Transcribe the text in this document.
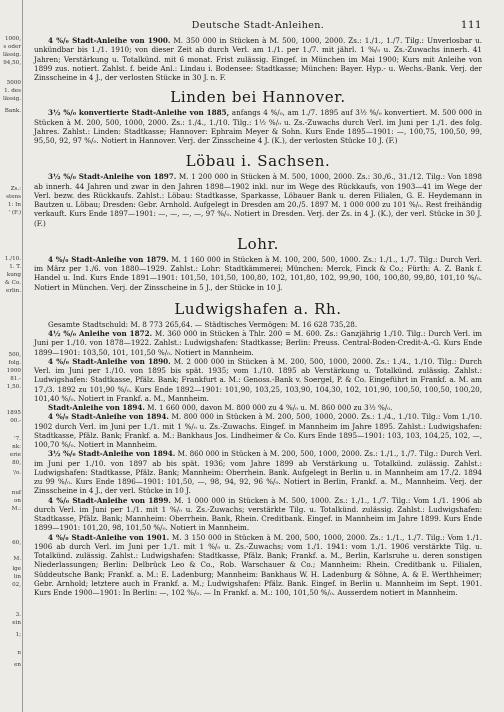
1000,
s oder
lässig.
94,50,
5000
1. des
lässig.
Bank.
Zs.:
stens
1: In
' (F.)
1./10.
1. T.
kung
& Co.
erlin.
500,
folg.
1900
81.-
1,50.
1895
00.-
'7.
nk:
erie
80,
'/o.
nuf
on
M.:
60,
M.
lge
lin
02,
3.
ein
1;
n
en
Deutsche Stadt-Anleihen.	111

4 %/₀ Stadt-Anleihe von 1900. M. 350 000 in Stücken à M. 500, 1000, 2000. Zs.: 1./1., 1./7. Tilg.: Unverlosbar u. unkündbar bis 1./1. 1910; von dieser Zeit ab durch Verl. am 1./1. per 1./7. mit jährl. 1 %/₀ u. Zs.-Zuwachs innerh. 41 Jahren; Verstärkung u. Totalkünd. mit 6 monat. Frist zulässig. Eingef. in München im Mai 1900; Kurs mit Anleihe von 1899 zus. notiert. Zahlst. f. beide Anl.: Lindau i. Bodensee: Stadtkasse; München: Bayer. Hyp.- u. Wechs.-Bank. Verj. der Zinsscheine in 4 J., der verlosten Stücke in 30 J. n. F.

Linden bei Hannover.

3½ %/₀ konvertierte Stadt-Anleihe von 1885, anfangs 4 %/₀, am 1./7. 1895 auf 3½ %/₀ konvertiert. M. 500 000 in Stücken à M. 200, 500, 1000, 2000. Zs.: 1./4., 1./10. Tilg.: 1½ %/₀ u. Zs.-Zuwachs durch Verl. im Juni per 1./1. des folg. Jahres. Zahlst.: Linden: Stadtkasse; Hannover: Ephraim Meyer & Sohn. Kurs Ende 1895—1901: —, 100,75, 100,50, 99, 95,50, 92, 97 %/₀. Notiert in Hannover. Verj. der Zinsscheine 4 J. (K.), der verlosten Stücke 10 J. (F.)

Löbau i. Sachsen.

3½ %/₀ Stadt-Anleihe von 1897. M. 1 200 000 in Stücken à M. 500, 1000, 2000. Zs.: 30./6., 31./12. Tilg.: Von 1898 ab innerh. 44 Jahren und zwar in den Jahren 1898—1902 inkl. nur im Wege des Rückkaufs, von 1903—41 im Wege der Verl. bezw. des Rückkaufs. Zahlst.: Löbau: Stadtkasse, Sparkasse, Löbauer Bank u. deren Filialen, G. E. Heydemann in Bautzen u. Löbau; Dresden: Gebr. Arnhold. Aufgelegt in Dresden am 20./5. 1897 M. 1 000 000 zu 101 %/₀. Rest freihändig verkauft. Kurs Ende 1897—1901: —, —, —, —, 97 %/₀. Notiert in Dresden. Verj. der Zs. in 4 J. (K.), der verl. Stücke in 30 J. (F.)

Lohr.

4 %/₀ Stadt-Anleihe von 1879. M. 1 160 000 in Stücken à M. 100, 200, 500, 1000. Zs.: 1./1., 1./7. Tilg.: Durch Verl. im März per 1./6. von 1880—1929. Zahlst.: Lohr: Stadtkämmerei; München: Merck, Finck & Co.; Fürth: A. Z. Bank f. Handel u. Ind. Kurs Ende 1891—1901: 101,50, 101,50, 100,80, 102, 101,80, 102, 99,90, 100, 100,80, 99,80, 101,10 %/₀. Notiert in München. Verj. der Zinsscheine in 5 J., der Stücke in 10 J.

Ludwigshafen a. Rh.

Gesamte Stadtschuld: M. 8 773 265,64. — Städtisches Vermögen: M. 16 628 735,28.

4½ %/₀ Anleihe von 1872. M. 360 000 in Stücken à Thlr. 200 = M. 600. Zs.: Ganzjährig 1./10. Tilg.: Durch Verl. im Juni per 1./10. von 1878—1922. Zahlst.: Ludwigshafen: Stadtkasse; Berlin: Preuss. Central-Boden-Credit-A.-G. Kurs Ende 1899—1901: 103,50, 101, 101,50 %/₀. Notiert in Mannheim.

4 %/₀ Stadt-Anleihe von 1890. M. 2 000 000 in Stücken à M. 200, 500, 1000, 2000. Zs.: 1./4., 1./10. Tilg.: Durch Verl. im Juni per 1./10. von 1895 bis spät. 1935; vom 1./10. 1895 ab Verstärkung u. Totalkünd. zulässig. Zahlst.: Ludwigshafen: Stadtkasse, Pfälz. Bank; Frankfurt a. M.: Genoss.-Bank v. Soergel, P. & Co. Eingeführt in Frankf. a. M. am 17./3. 1892 zu 101,90 %/₀. Kurs Ende 1892—1901: 101,90, 103,25, 103,90, 104,30, 102, 101,90, 100,50, 100,50, 100,20, 101,40 %/₀. Notiert in Frankf. a. M., Mannheim.

Stadt-Anleihe von 1894. M. 1 660 000, davon M. 800 000 zu 4 %/₀ u. M. 860 000 zu 3½ %/₀.

4 %/₀ Stadt-Anleihe von 1894. M. 800 000 in Stücken à M. 200, 500, 1000, 2000. Zs.: 1./4., 1./10. Tilg.: Vom 1./10. 1902 durch Verl. im Juni per 1./1. mit 1 %/₀ u. Zs.-Zuwachs. Eingef. in Mannheim im Jahre 1895. Zahlst.: Ludwigshafen: Stadtkasse, Pfälz. Bank; Frankf. a. M.: Bankhaus Jos. Lindheimer & Co. Kurs Ende 1895—1901: 103, 103, 104,25, 102, —, 100,70 %/₀. Notiert in Mannheim.

3½ %/₀ Stadt-Anleihe von 1894. M. 860 000 in Stücken à M. 200, 500, 1000, 2000. Zs.: 1./1., 1./7. Tilg.: Durch Verl. im Juni per 1./10. von 1897 ab bis spät. 1936; vom Jahre 1899 ab Verstärkung u. Totalkünd. zulässig. Zahlst.: Ludwigshafen: Stadtkasse, Pfälz. Bank; Mannheim: Oberrhein. Bank. Aufgelegt in Berlin u. in Mannheim am 17./2. 1894 zu 99 %/₀. Kurs Ende 1896—1901: 101,50, —, 98, 94, 92, 96 %/₀. Notiert in Berlin, Frankf. a. M., Mannheim. Verj. der Zinsscheine in 4 J., der verl. Stücke in 10 J.

4 %/₀ Stadt-Anleihe von 1899. M. 1 000 000 in Stücken à M. 500, 1000. Zs.: 1./1., 1./7. Tilg.: Vom 1./1. 1906 ab durch Verl. im Juni per 1./1. mit 1 %/₀ u. Zs.-Zuwachs; verstärkte Tilg. u. Totalkünd. zulässig. Zahlst.: Ludwigshafen: Stadtkasse, Pfälz. Bank; Mannheim: Oberrhein. Bank, Rhein. Creditbank. Eingef. in Mannheim im Jahre 1899. Kurs Ende 1899—1901: 101,20, 98, 101,50 %/₀. Notiert in Mannheim.

4 %/₀ Stadt-Anleihe von 1901. M. 3 150 000 in Stücken à M. 200, 500, 1000, 2000. Zs.: 1./1., 1./7. Tilg.: Vom 1./1. 1906 ab durch Verl. im Juni per 1./1. mit 1 %/₀ u. Zs.-Zuwachs; vom 1./1. 1941: vom 1./1. 1906 verstärkte Tilg. u. Totalkünd. zulässig. Zahlst.: Ludwigshafen: Stadtkasse, Pfälz. Bank; Frankf. a. M., Berlin, Karlsruhe u. deren sonstigen Niederlassungen; Berlin: Delbrück Leo & Co., Rob. Warschauer & Co.; Mannheim: Rhein. Creditbank u. Filialen, Süddeutsche Bank; Frankf. a. M.: E. Ladenburg; Mannheim: Bankhaus W. H. Ladenburg & Söhne, A. & E. Werthheimer; Gebr. Arnhold; letztere auch in Frankf. a. M.; Ludwigshafen: Pfälz. Bank. Eingef. in Berlin u. Mannheim im Sept. 1901. Kurs Ende 1900—1901: In Berlin: —, 102 %/₀. — In Frankf. a. M.: 100, 101,50 %/₀. Ausserdem notiert in Mannheim.
